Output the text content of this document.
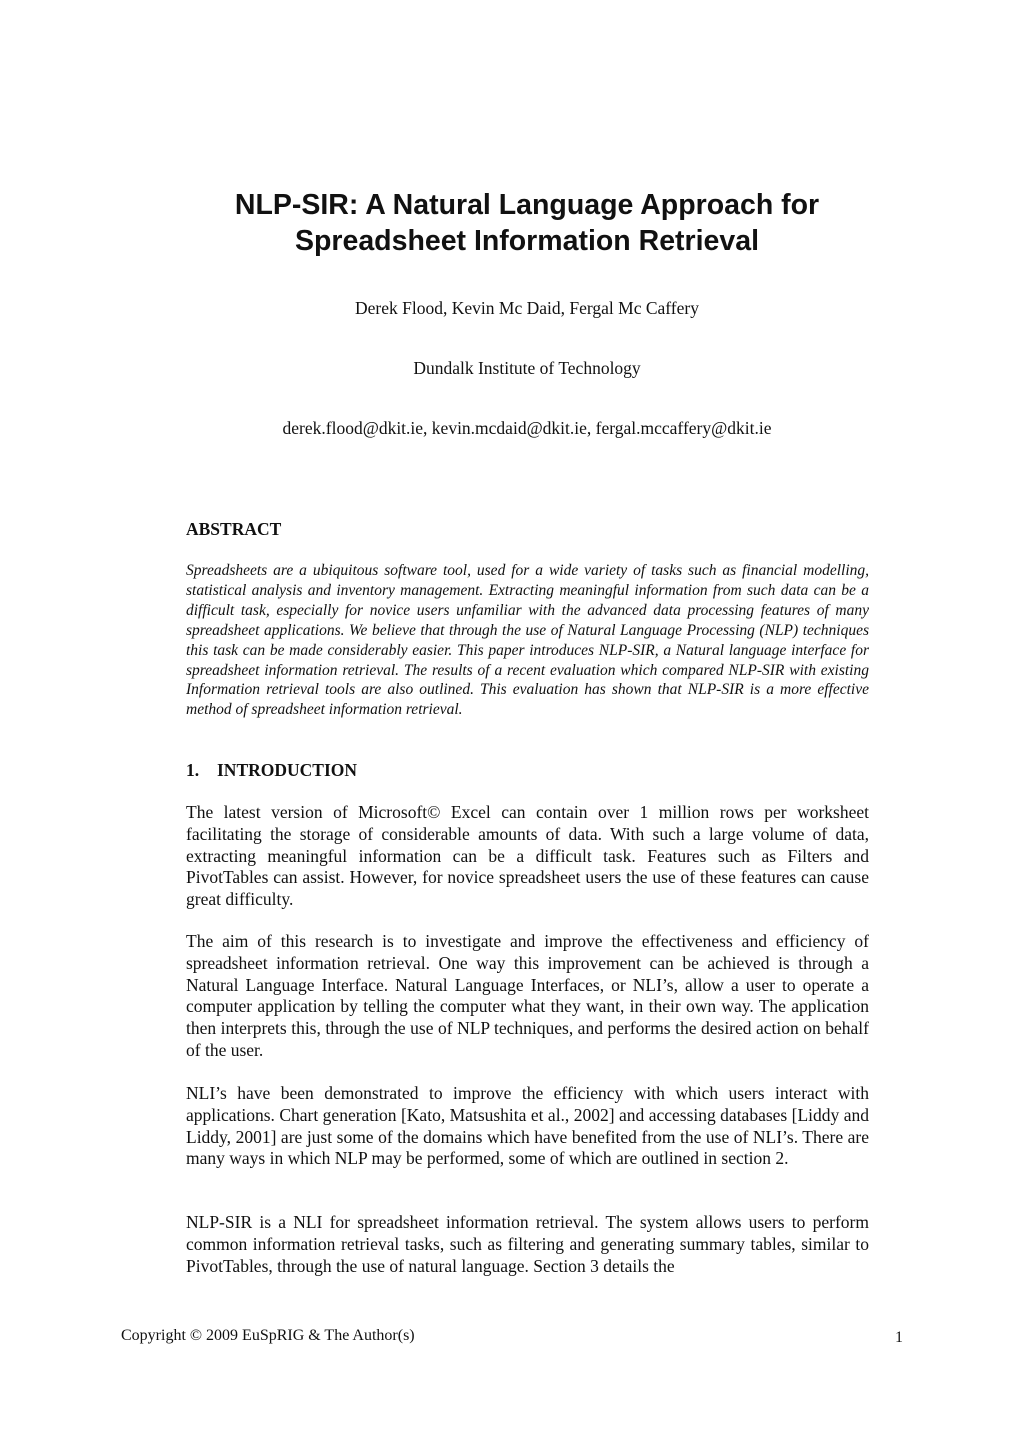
NLP-SIR: A Natural Language Approach for
Spreadsheet Information Retrieval
Derek Flood, Kevin Mc Daid, Fergal Mc Caffery
Dundalk Institute of Technology
derek.flood@dkit.ie, kevin.mcdaid@dkit.ie, fergal.mccaffery@dkit.ie
ABSTRACT

Spreadsheets are a ubiquitous software tool, used for a wide variety of tasks such as financial modelling, statistical analysis and inventory management. Extracting meaningful information from such data can be a difficult task, especially for novice users unfamiliar with the advanced data processing features of many spreadsheet applications. We believe that through the use of Natural Language Processing (NLP) techniques this task can be made considerably easier. This paper introduces NLP-SIR, a Natural language interface for spreadsheet information retrieval. The results of a recent evaluation which compared NLP-SIR with existing Information retrieval tools are also outlined. This evaluation has shown that NLP-SIR is a more effective method of spreadsheet information retrieval.

1. INTRODUCTION

The latest version of Microsoft© Excel can contain over 1 million rows per worksheet facilitating the storage of considerable amounts of data. With such a large volume of data, extracting meaningful information can be a difficult task. Features such as Filters and PivotTables can assist. However, for novice spreadsheet users the use of these features can cause great difficulty.

The aim of this research is to investigate and improve the effectiveness and efficiency of spreadsheet information retrieval. One way this improvement can be achieved is through a Natural Language Interface. Natural Language Interfaces, or NLI’s, allow a user to operate a computer application by telling the computer what they want, in their own way. The application then interprets this, through the use of NLP techniques, and performs the desired action on behalf of the user.

NLI’s have been demonstrated to improve the efficiency with which users interact with applications. Chart generation [Kato, Matsushita et al., 2002] and accessing databases [Liddy and Liddy, 2001] are just some of the domains which have benefited from the use of NLI’s. There are many ways in which NLP may be performed, some of which are outlined in section 2.

NLP-SIR is a NLI for spreadsheet information retrieval. The system allows users to perform common information retrieval tasks, such as filtering and generating summary tables, similar to PivotTables, through the use of natural language. Section 3 details the

Copyright © 2009 EuSpRIG & The Author(s)	1
